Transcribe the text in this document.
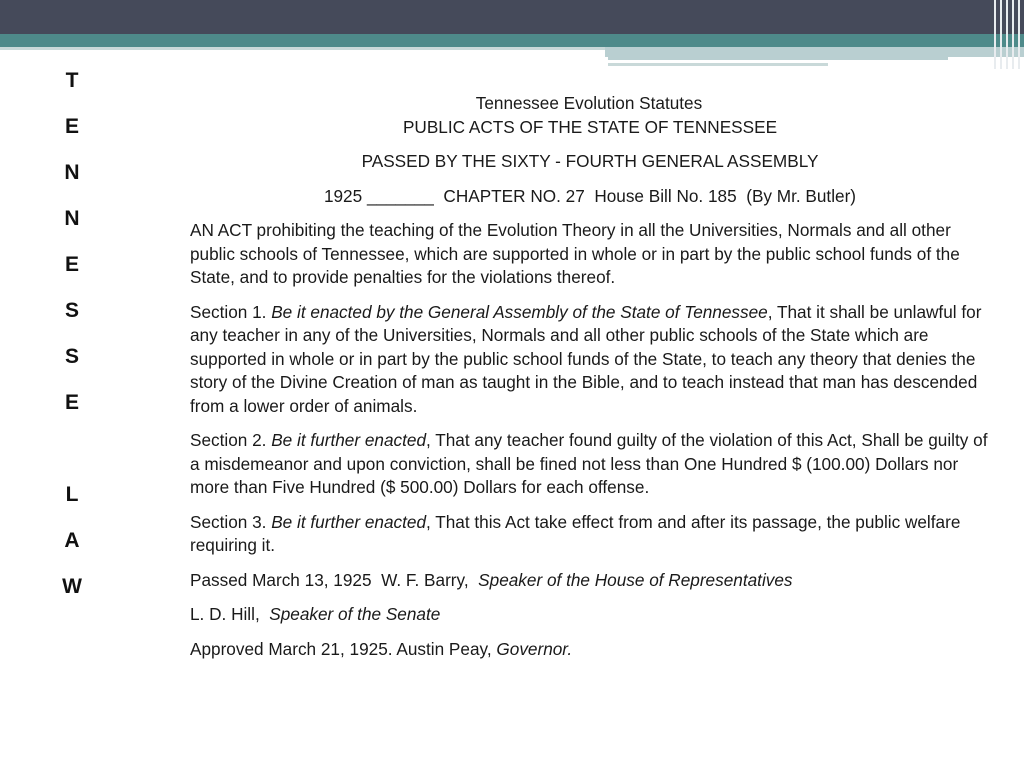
T
E
N
N
E
S
S
E
L
A
W
Tennessee Evolution Statutes

PUBLIC ACTS OF THE STATE OF TENNESSEE

PASSED BY THE SIXTY - FOURTH GENERAL ASSEMBLY

1925 _______  CHAPTER NO. 27  House Bill No. 185  (By Mr. Butler)

AN ACT prohibiting the teaching of the Evolution Theory in all the Universities, Normals and all other public schools of Tennessee, which are supported in whole or in part by the public school funds of the State, and to provide penalties for the violations thereof.

Section 1. Be it enacted by the General Assembly of the State of Tennessee, That it shall be unlawful for any teacher in any of the Universities, Normals and all other public schools of the State which are supported in whole or in part by the public school funds of the State, to teach any theory that denies the story of the Divine Creation of man as taught in the Bible, and to teach instead that man has descended from a lower order of animals.

Section 2. Be it further enacted, That any teacher found guilty of the violation of this Act, Shall be guilty of a misdemeanor and upon conviction, shall be fined not less than One Hundred $ (100.00) Dollars nor more than Five Hundred ($ 500.00) Dollars for each offense.

Section 3. Be it further enacted, That this Act take effect from and after its passage, the public welfare requiring it.

Passed March 13, 1925  W. F. Barry,  Speaker of the House of Representatives

L. D. Hill,  Speaker of the Senate

Approved March 21, 1925. Austin Peay, Governor.
